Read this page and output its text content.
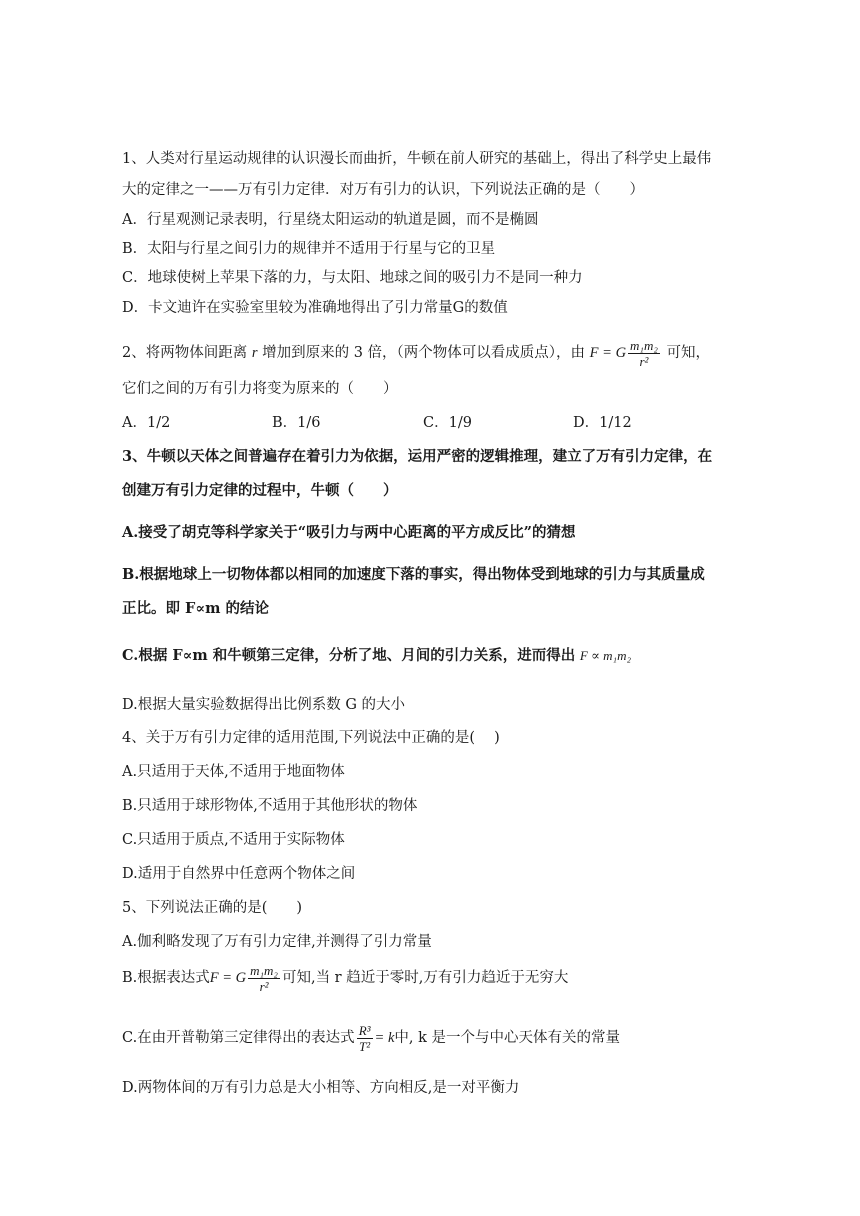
1、人类对行星运动规律的认识漫长而曲折，牛顿在前人研究的基础上，得出了科学史上最伟
大的定律之一——万有引力定律．对万有引力的认识，下列说法正确的是（　　）
A．行星观测记录表明，行星绕太阳运动的轨道是圆，而不是椭圆
B．太阳与行星之间引力的规律并不适用于行星与它的卫星
C．地球使树上苹果下落的力，与太阳、地球之间的吸引力不是同一种力
D．卡文迪许在实验室里较为准确地得出了引力常量G的数值
2、将两物体间距离 r 增加到原来的 3 倍，（两个物体可以看成质点），由 F = G $\frac{\text{m₁m₂}}{\text{r²}}$ 可知，
它们之间的万有引力将变为原来的（　　）
A．1/2	B．1/6	C．1/9	D．1/12
3、牛顿以天体之间普遍存在着引力为依据，运用严密的逻辑推理，建立了万有引力定律，在
创建万有引力定律的过程中，牛顿（　　）
A.接受了胡克等科学家关于“吸引力与两中心距离的平方成反比”的猜想
B.根据地球上一切物体都以相同的加速度下落的事实，得出物体受到地球的引力与其质量成
正比。即 F∝m 的结论
C.根据 F∝m 和牛顿第三定律，分析了地、月间的引力关系，进而得出 F ∝ m₁m₂
D.根据大量实验数据得出比例系数 G 的大小
4、关于万有引力定律的适用范围,下列说法中正确的是(　 )
A.只适用于天体,不适用于地面物体
B.只适用于球形物体,不适用于其他形状的物体
C.只适用于质点,不适用于实际物体
D.适用于自然界中任意两个物体之间
5、下列说法正确的是(　　)
A.伽利略发现了万有引力定律,并测得了引力常量
B.根据表达式F = G $\frac{\text{m₁m₂}}{\text{r²}}$ 可知,当 r 趋近于零时,万有引力趋近于无穷大
C.在由开普勒第三定律得出的表达式 $\frac{\text{R³}}{\text{T²}} = k$中, k 是一个与中心天体有关的常量
D.两物体间的万有引力总是大小相等、方向相反,是一对平衡力
